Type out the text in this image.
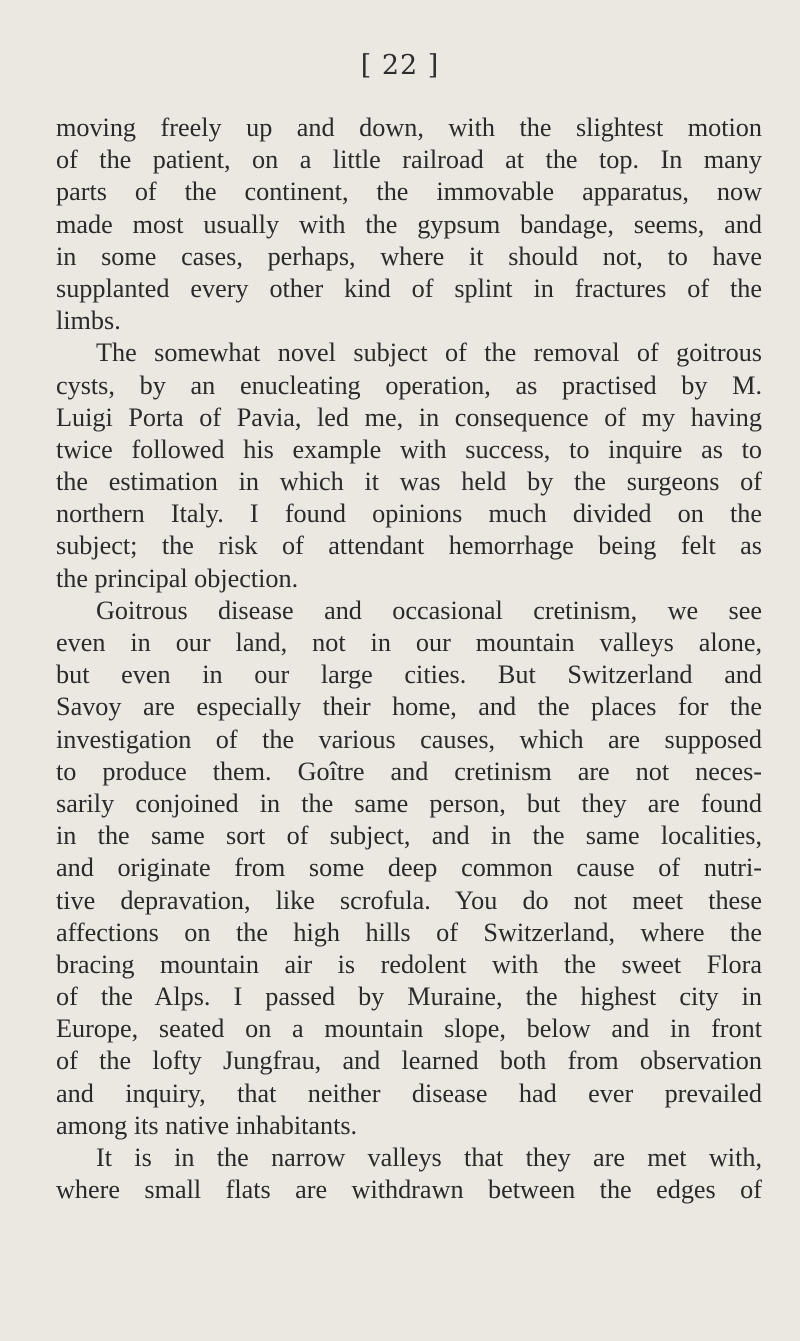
[ 22 ]
moving freely up and down, with the slightest motion
of the patient, on a little railroad at the top. In many
parts of the continent, the immovable apparatus, now
made most usually with the gypsum bandage, seems, and
in some cases, perhaps, where it should not, to have
supplanted every other kind of splint in fractures of the
limbs.
The somewhat novel subject of the removal of goitrous
cysts, by an enucleating operation, as practised by M.
Luigi Porta of Pavia, led me, in consequence of my having
twice followed his example with success, to inquire as to
the estimation in which it was held by the surgeons of
northern Italy. I found opinions much divided on the
subject; the risk of attendant hemorrhage being felt as
the principal objection.
Goitrous disease and occasional cretinism, we see
even in our land, not in our mountain valleys alone,
but even in our large cities. But Switzerland and
Savoy are especially their home, and the places for the
investigation of the various causes, which are supposed
to produce them. Goître and cretinism are not neces-
sarily conjoined in the same person, but they are found
in the same sort of subject, and in the same localities,
and originate from some deep common cause of nutri-
tive depravation, like scrofula. You do not meet these
affections on the high hills of Switzerland, where the
bracing mountain air is redolent with the sweet Flora
of the Alps. I passed by Muraine, the highest city in
Europe, seated on a mountain slope, below and in front
of the lofty Jungfrau, and learned both from observation
and inquiry, that neither disease had ever prevailed
among its native inhabitants.
It is in the narrow valleys that they are met with,
where small flats are withdrawn between the edges of
